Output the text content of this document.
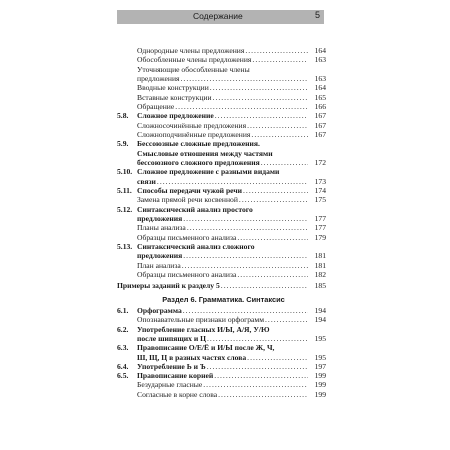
Содержание	5
Однородные члены предложения .....	164
Обособленные члены предложения .....	163
Уточняющие обособленные члены
предложения .....	163
Вводные конструкции .....	164
Вставные конструкции .....	165
Обращение .....	166
5.8. Сложное предложение .....	167
Сложносочинённые предложения .....	167
Сложноподчинённые предложения .....	167
5.9. Бессоюзные сложные предложения.
Смысловые отношения между частями
бессоюзного сложного предложения .....	172
5.10. Сложное предложение с разными видами
связи .....	173
5.11. Способы передачи чужой речи .....	174
Замена прямой речи косвенной .....	175
5.12. Синтаксический анализ простого
предложения .....	177
Планы анализа .....	177
Образцы письменного анализа .....	179
5.13. Синтаксический анализ сложного
предложения .....	181
План анализа .....	181
Образцы письменного анализа .....	182
Примеры заданий к разделу 5 .....	185
Раздел 6. Грамматика. Синтаксис
6.1. Орфограмма .....	194
Опознавательные признаки орфограмм .....	194
6.2. Употребление гласных И/Ы, А/Я, У/Ю
после шипящих и Ц .....	195
6.3. Правописание О/Е/Ё и И/Ы после Ж, Ч,
Ш, Щ, Ц в разных частях слова .....	195
6.4. Употребление Ь и Ъ .....	197
6.5. Правописание корней .....	199
Безударные гласные .....	199
Согласные в корне слова .....	199
